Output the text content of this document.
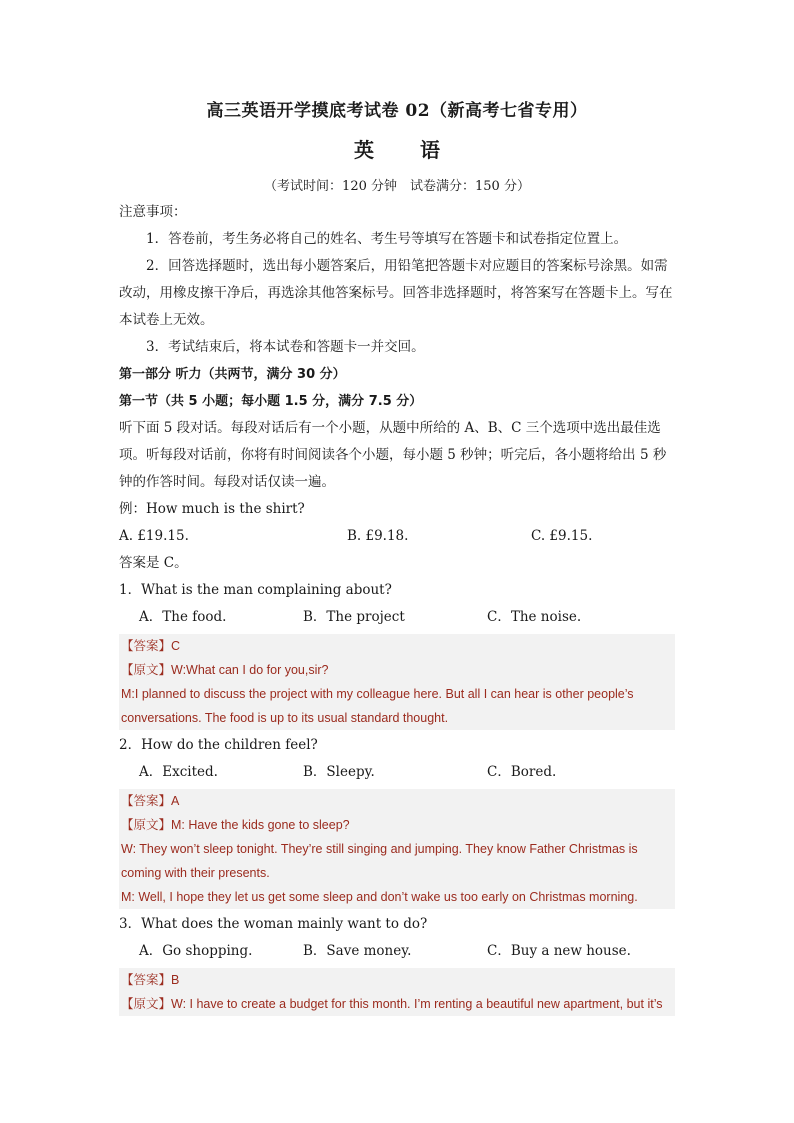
高三英语开学摸底考试卷 02（新高考七省专用）
英 语
（考试时间：120 分钟　试卷满分：150 分）
注意事项：
1．答卷前，考生务必将自己的姓名、考生号等填写在答题卡和试卷指定位置上。
2．回答选择题时，选出每小题答案后，用铅笔把答题卡对应题目的答案标号涂黑。如需改动，用橡皮擦干净后，再选涂其他答案标号。回答非选择题时，将答案写在答题卡上。写在本试卷上无效。
3．考试结束后，将本试卷和答题卡一并交回。
第一部分 听力（共两节，满分 30 分）
第一节（共 5 小题；每小题 1.5 分，满分 7.5 分）
听下面 5 段对话。每段对话后有一个小题，从题中所给的 A、B、C 三个选项中选出最佳选项。听每段对话前，你将有时间阅读各个小题，每小题 5 秒钟；听完后，各小题将给出 5 秒钟的作答时间。每段对话仅读一遍。
例：How much is the shirt?
A. £19.15.	B. £9.18.	C. £9.15.
答案是 C。
1．What is the man complaining about?
A．The food.	B．The project	C．The noise.
【答案】C
【原文】W:What can I do for you,sir?
M:I planned to discuss the project with my colleague here. But all I can hear is other people’s conversations. The food is up to its usual standard thought.
2．How do the children feel?
A．Excited.	B．Sleepy.	C．Bored.
【答案】A
【原文】M: Have the kids gone to sleep?
W: They won’t sleep tonight. They’re still singing and jumping. They know Father Christmas is coming with their presents.
M: Well, I hope they let us get some sleep and don’t wake us too early on Christmas morning.
3．What does the woman mainly want to do?
A．Go shopping.	B．Save money.	C．Buy a new house.
【答案】B
【原文】W: I have to create a budget for this month. I’m renting a beautiful new apartment, but it’s
